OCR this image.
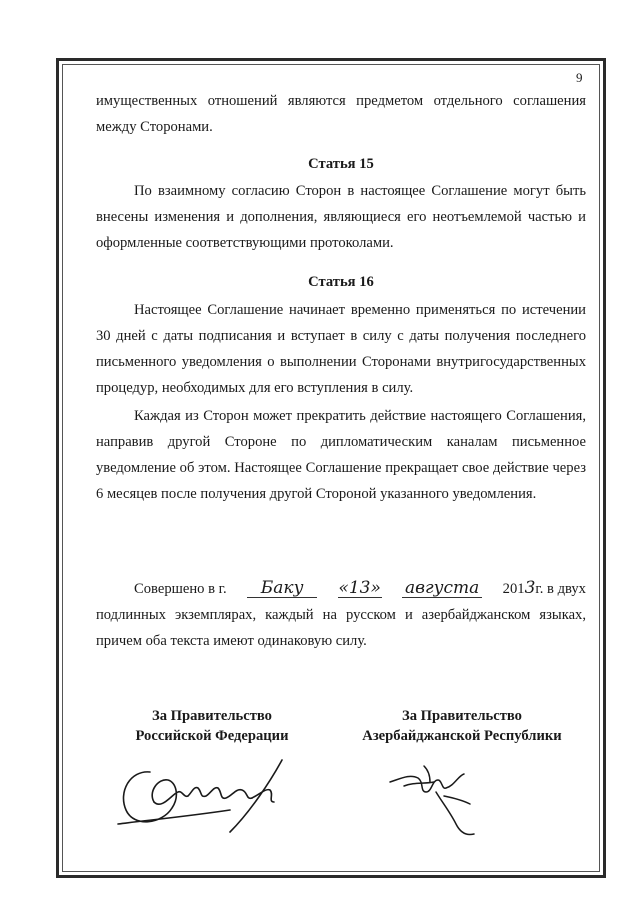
9

имущественных отношений являются предметом отдельного соглашения

между Сторонами.

Статья 15

По взаимному согласию Сторон в настоящее Соглашение могут быть внесены изменения и дополнения, являющиеся его неотъемлемой частью и оформленные соответствующими протоколами.

Статья 16

Настоящее Соглашение начинает временно применяться по истечении 30 дней с даты подписания и вступает в силу с даты получения последнего письменного уведомления о выполнении Сторонами внутригосударственных процедур, необходимых для его вступления в силу.

Каждая из Сторон может прекратить действие настоящего Соглашения, направив другой Стороне по дипломатическим каналам письменное уведомление об этом. Настоящее Соглашение прекращает свое действие через 6 месяцев после получения другой Стороной указанного уведомления.

Совершено в г.	Баку	«13» августа 2013г. в двух

подлинных экземплярах, каждый на русском и азербайджанском языках,

причем оба текста имеют одинаковую силу.

За Правительство
Российской Федерации
За Правительство
Азербайджанской Республики
